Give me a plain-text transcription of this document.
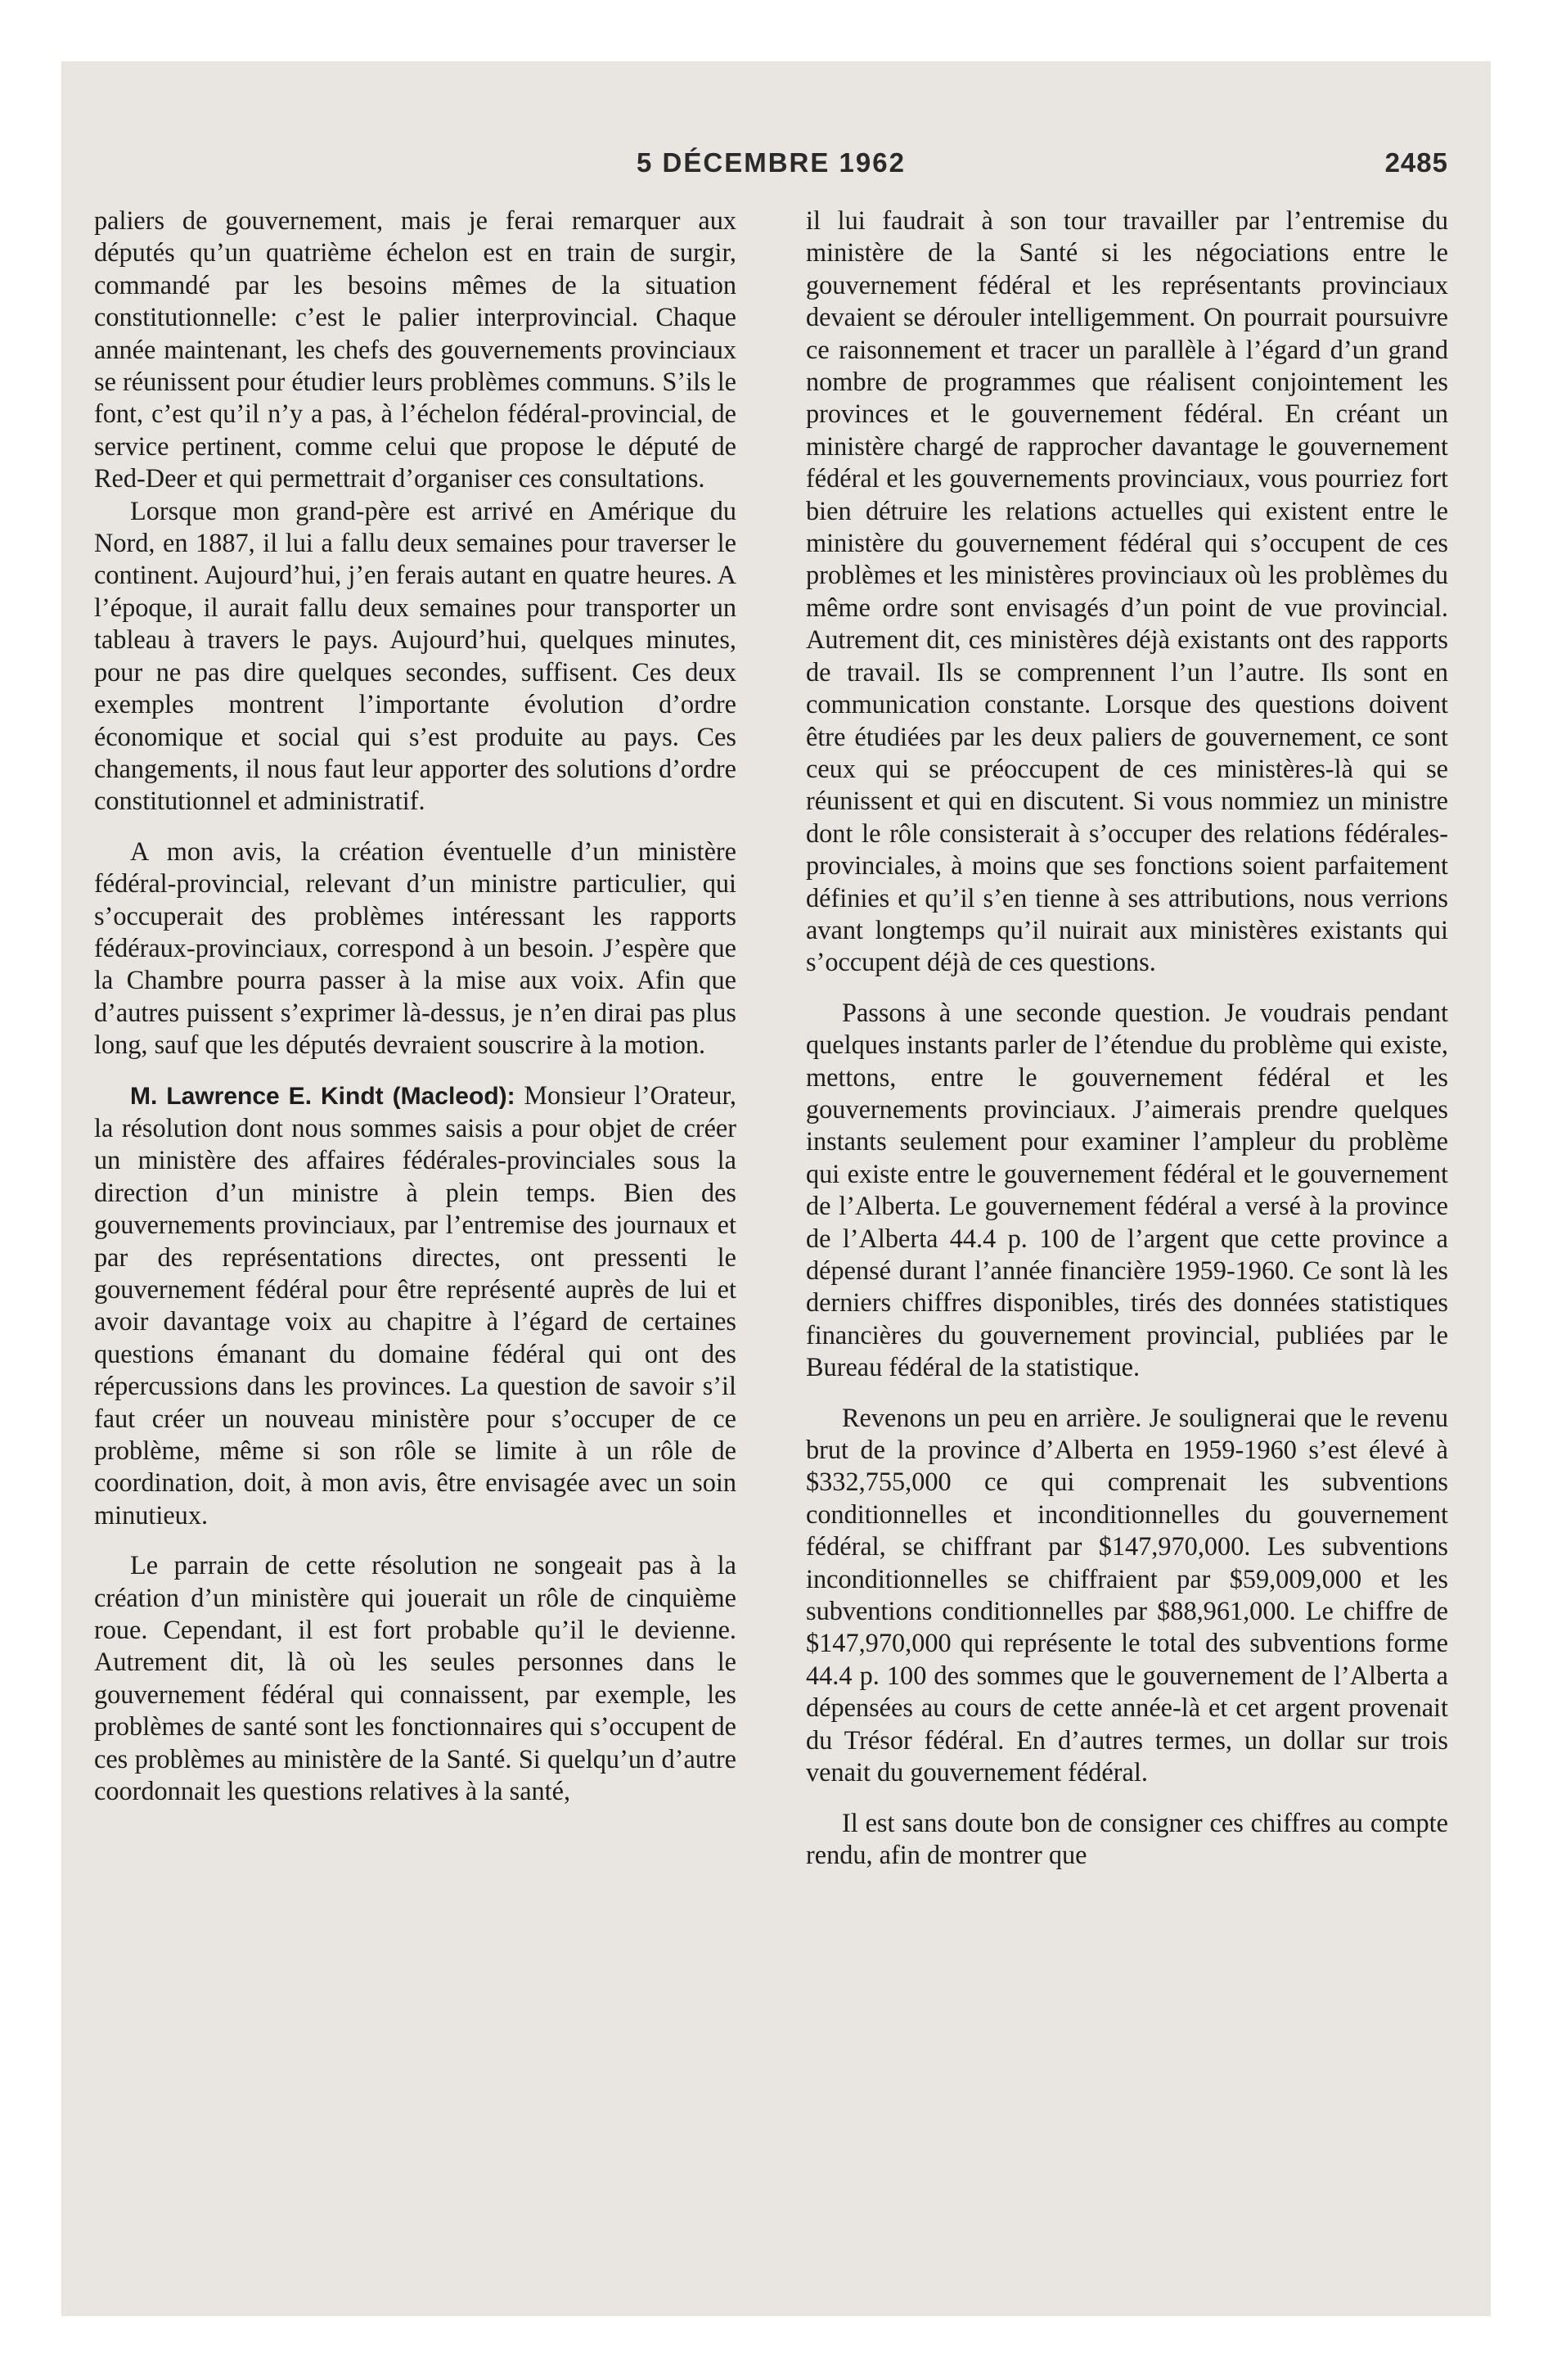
5 DÉCEMBRE 1962	2485

paliers de gouvernement, mais je ferai remarquer aux députés qu’un quatrième échelon est en train de surgir, commandé par les besoins mêmes de la situation constitutionnelle: c’est le palier interprovincial. Chaque année maintenant, les chefs des gouvernements provinciaux se réunissent pour étudier leurs problèmes communs. S’ils le font, c’est qu’il n’y a pas, à l’échelon fédéral-provincial, de service pertinent, comme celui que propose le député de Red-Deer et qui permettrait d’organiser ces consultations.

Lorsque mon grand-père est arrivé en Amérique du Nord, en 1887, il lui a fallu deux semaines pour traverser le continent. Aujourd’hui, j’en ferais autant en quatre heures. A l’époque, il aurait fallu deux semaines pour transporter un tableau à travers le pays. Aujourd’hui, quelques minutes, pour ne pas dire quelques secondes, suffisent. Ces deux exemples montrent l’importante évolution d’ordre économique et social qui s’est produite au pays. Ces changements, il nous faut leur apporter des solutions d’ordre constitutionnel et administratif.

A mon avis, la création éventuelle d’un ministère fédéral-provincial, relevant d’un ministre particulier, qui s’occuperait des problèmes intéressant les rapports fédéraux-provinciaux, correspond à un besoin. J’espère que la Chambre pourra passer à la mise aux voix. Afin que d’autres puissent s’exprimer là-dessus, je n’en dirai pas plus long, sauf que les députés devraient souscrire à la motion.

M. Lawrence E. Kindt (Macleod): Monsieur l’Orateur, la résolution dont nous sommes saisis a pour objet de créer un ministère des affaires fédérales-provinciales sous la direction d’un ministre à plein temps. Bien des gouvernements provinciaux, par l’entremise des journaux et par des représentations directes, ont pressenti le gouvernement fédéral pour être représenté auprès de lui et avoir davantage voix au chapitre à l’égard de certaines questions émanant du domaine fédéral qui ont des répercussions dans les provinces. La question de savoir s’il faut créer un nouveau ministère pour s’occuper de ce problème, même si son rôle se limite à un rôle de coordination, doit, à mon avis, être envisagée avec un soin minutieux.

Le parrain de cette résolution ne songeait pas à la création d’un ministère qui jouerait un rôle de cinquième roue. Cependant, il est fort probable qu’il le devienne. Autrement dit, là où les seules personnes dans le gouvernement fédéral qui connaissent, par exemple, les problèmes de santé sont les fonctionnaires qui s’occupent de ces problèmes au ministère de la Santé. Si quelqu’un d’autre coordonnait les questions relatives à la santé,

il lui faudrait à son tour travailler par l’entremise du ministère de la Santé si les négociations entre le gouvernement fédéral et les représentants provinciaux devaient se dérouler intelligemment. On pourrait poursuivre ce raisonnement et tracer un parallèle à l’égard d’un grand nombre de programmes que réalisent conjointement les provinces et le gouvernement fédéral. En créant un ministère chargé de rapprocher davantage le gouvernement fédéral et les gouvernements provinciaux, vous pourriez fort bien détruire les relations actuelles qui existent entre le ministère du gouvernement fédéral qui s’occupent de ces problèmes et les ministères provinciaux où les problèmes du même ordre sont envisagés d’un point de vue provincial. Autrement dit, ces ministères déjà existants ont des rapports de travail. Ils se comprennent l’un l’autre. Ils sont en communication constante. Lorsque des questions doivent être étudiées par les deux paliers de gouvernement, ce sont ceux qui se préoccupent de ces ministères-là qui se réunissent et qui en discutent. Si vous nommiez un ministre dont le rôle consisterait à s’occuper des relations fédérales-provinciales, à moins que ses fonctions soient parfaitement définies et qu’il s’en tienne à ses attributions, nous verrions avant longtemps qu’il nuirait aux ministères existants qui s’occupent déjà de ces questions.

Passons à une seconde question. Je voudrais pendant quelques instants parler de l’étendue du problème qui existe, mettons, entre le gouvernement fédéral et les gouvernements provinciaux. J’aimerais prendre quelques instants seulement pour examiner l’ampleur du problème qui existe entre le gouvernement fédéral et le gouvernement de l’Alberta. Le gouvernement fédéral a versé à la province de l’Alberta 44.4 p. 100 de l’argent que cette province a dépensé durant l’année financière 1959-1960. Ce sont là les derniers chiffres disponibles, tirés des données statistiques financières du gouvernement provincial, publiées par le Bureau fédéral de la statistique.

Revenons un peu en arrière. Je soulignerai que le revenu brut de la province d’Alberta en 1959-1960 s’est élevé à $332,755,000 ce qui comprenait les subventions conditionnelles et inconditionnelles du gouvernement fédéral, se chiffrant par $147,970,000. Les subventions inconditionnelles se chiffraient par $59,009,000 et les subventions conditionnelles par $88,961,000. Le chiffre de $147,970,000 qui représente le total des subventions forme 44.4 p. 100 des sommes que le gouvernement de l’Alberta a dépensées au cours de cette année-là et cet argent provenait du Trésor fédéral. En d’autres termes, un dollar sur trois venait du gouvernement fédéral.

Il est sans doute bon de consigner ces chiffres au compte rendu, afin de montrer que
